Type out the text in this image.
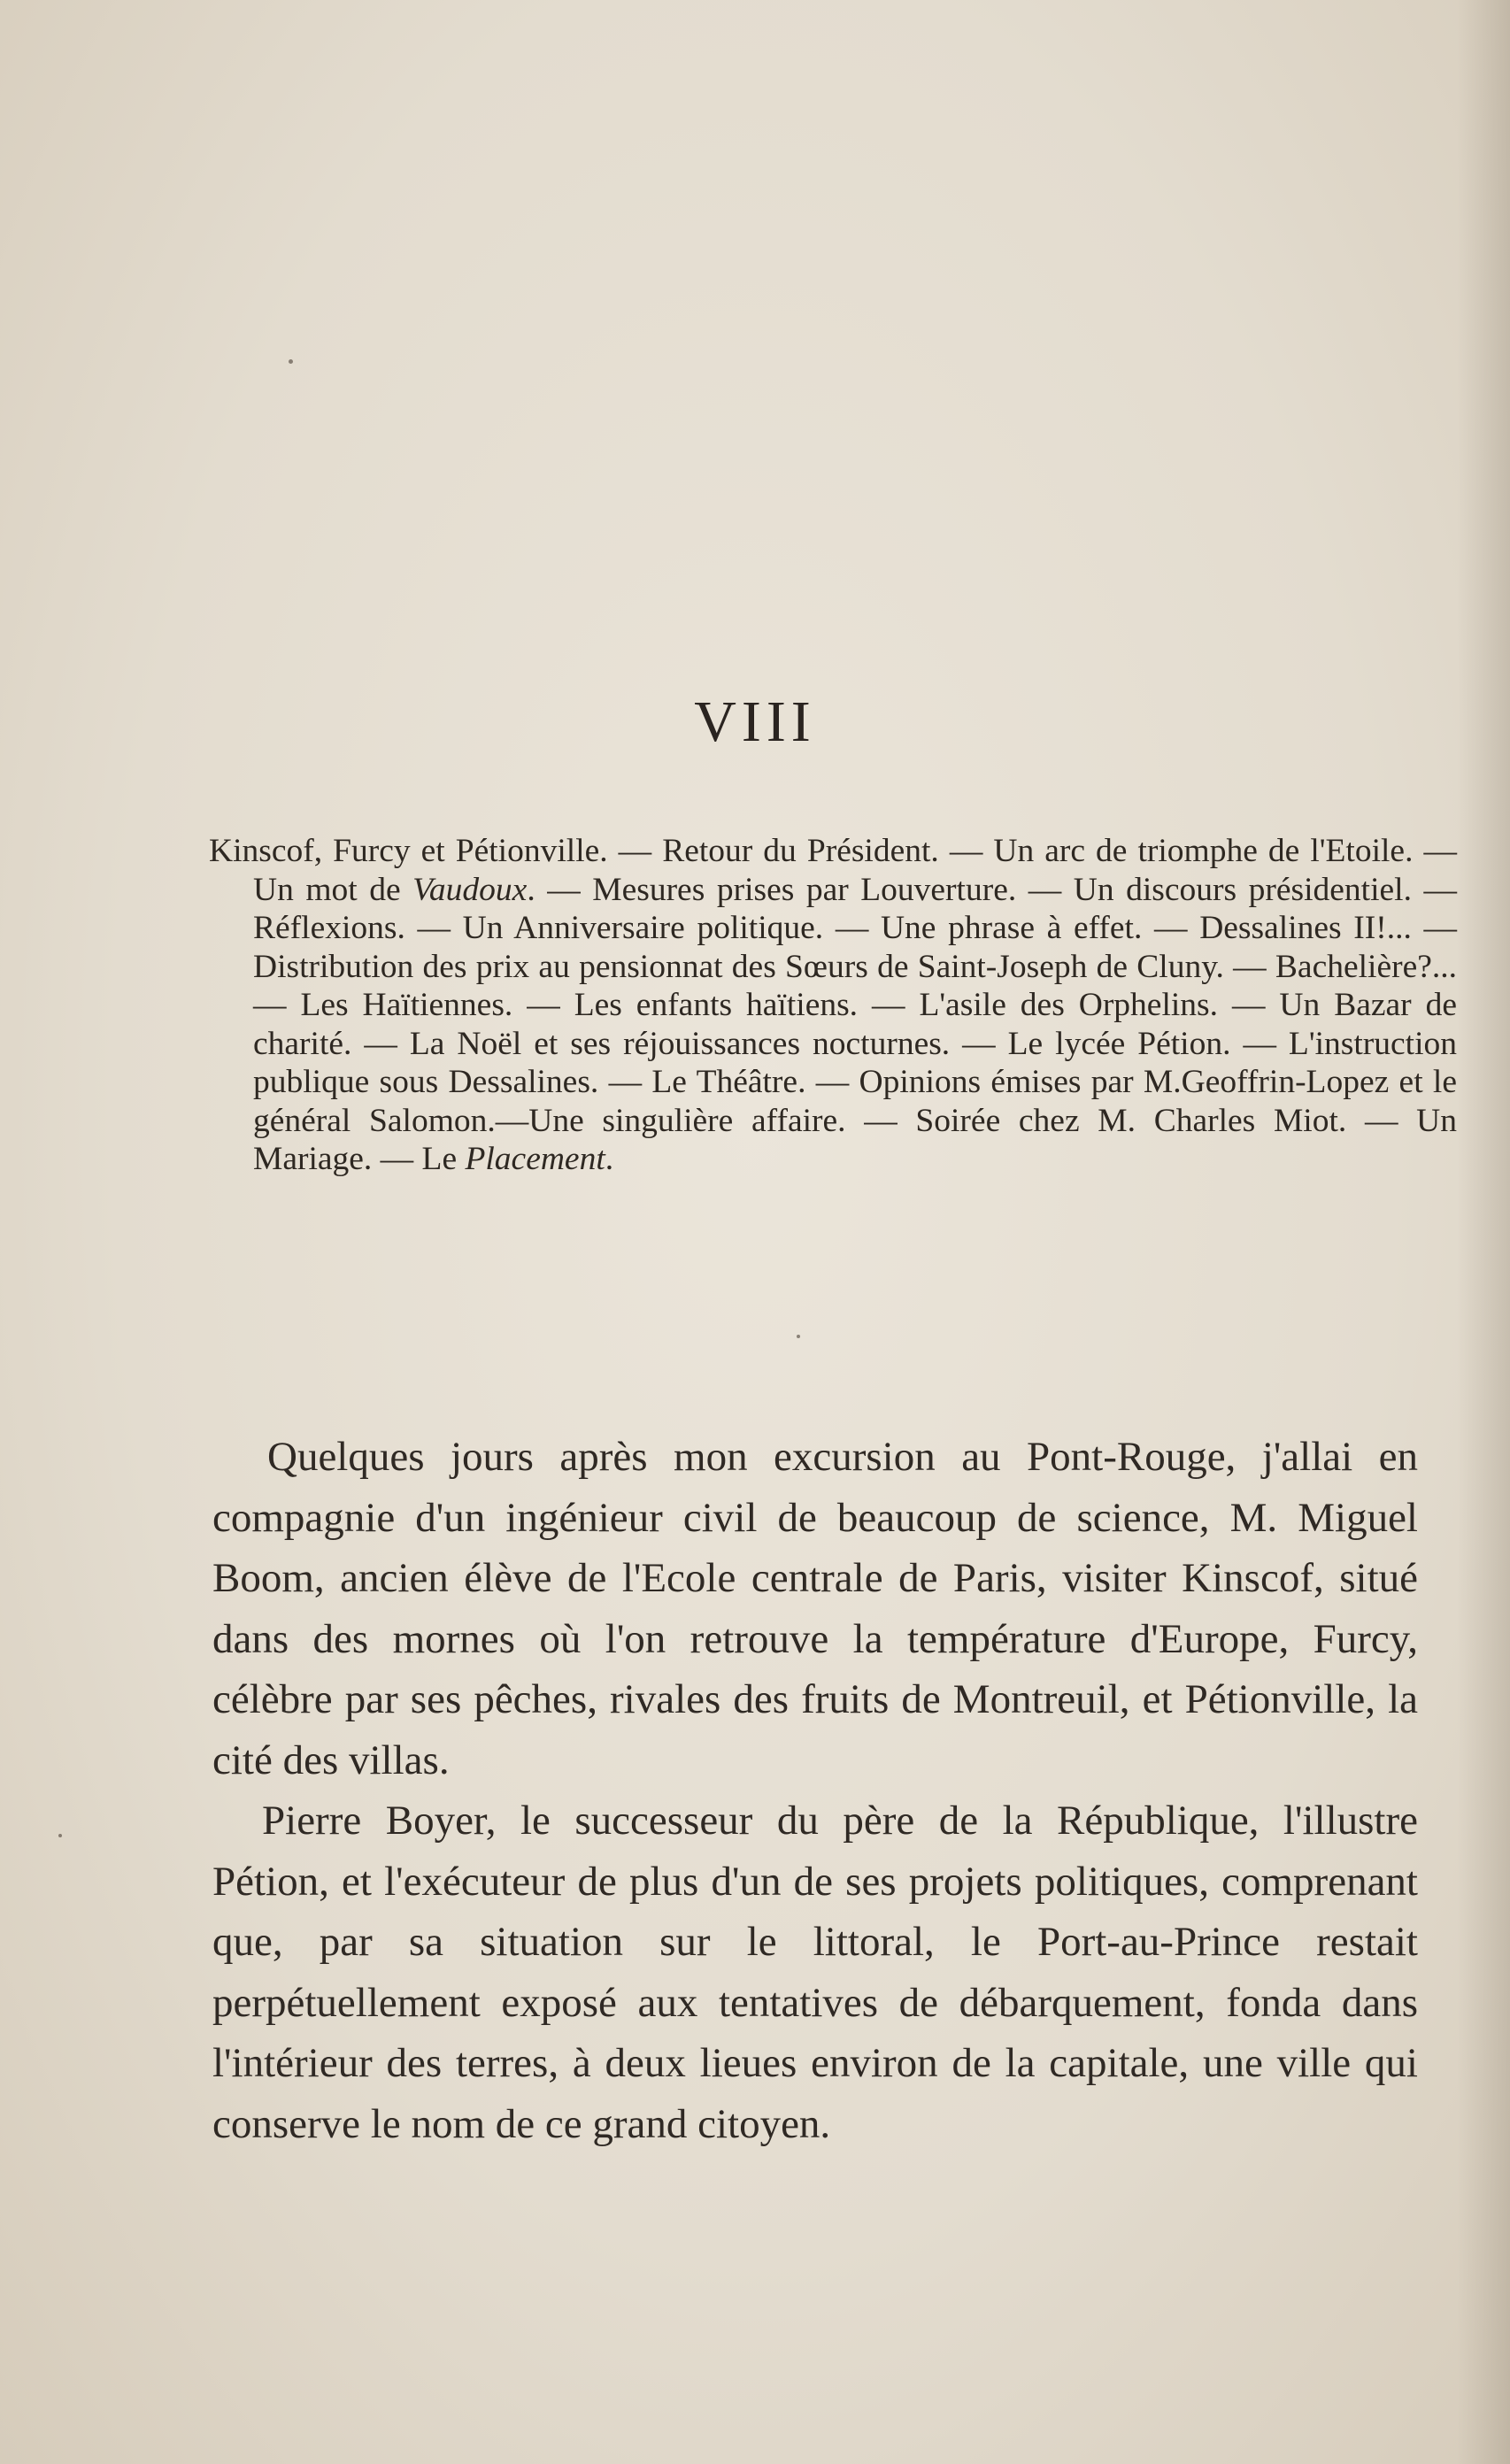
VIII

Kinscof, Furcy et Pétionville. — Retour du Président. — Un arc de triomphe de l'Etoile. — Un mot de Vaudoux. — Mesures prises par Louverture. — Un discours présidentiel. — Réflexions. — Un Anniversaire politique. — Une phrase à effet. — Dessalines II!... — Distribution des prix au pensionnat des Sœurs de Saint-Joseph de Cluny. — Bachelière?... — Les Haïtiennes. — Les enfants haïtiens. — L'asile des Orphelins. — Un Bazar de charité. — La Noël et ses réjouissances nocturnes. — Le lycée Pétion. — L'instruction publique sous Dessalines. — Le Théâtre. — Opinions émises par M.Geoffrin-Lopez et le général Salomon.—Une singulière affaire. — Soirée chez M. Charles Miot. — Un Mariage. — Le Placement.

Quelques jours après mon excursion au Pont-Rouge, j'allai en compagnie d'un ingénieur civil de beaucoup de science, M. Miguel Boom, ancien élève de l'Ecole centrale de Paris, visiter Kinscof, situé dans des mornes où l'on retrouve la température d'Europe, Furcy, célèbre par ses pêches, rivales des fruits de Montreuil, et Pétionville, la cité des villas.

Pierre Boyer, le successeur du père de la République, l'illustre Pétion, et l'exécuteur de plus d'un de ses projets politiques, comprenant que, par sa situation sur le littoral, le Port-au-Prince restait perpétuellement exposé aux tentatives de débarquement, fonda dans l'intérieur des terres, à deux lieues environ de la capitale, une ville qui conserve le nom de ce grand citoyen.
